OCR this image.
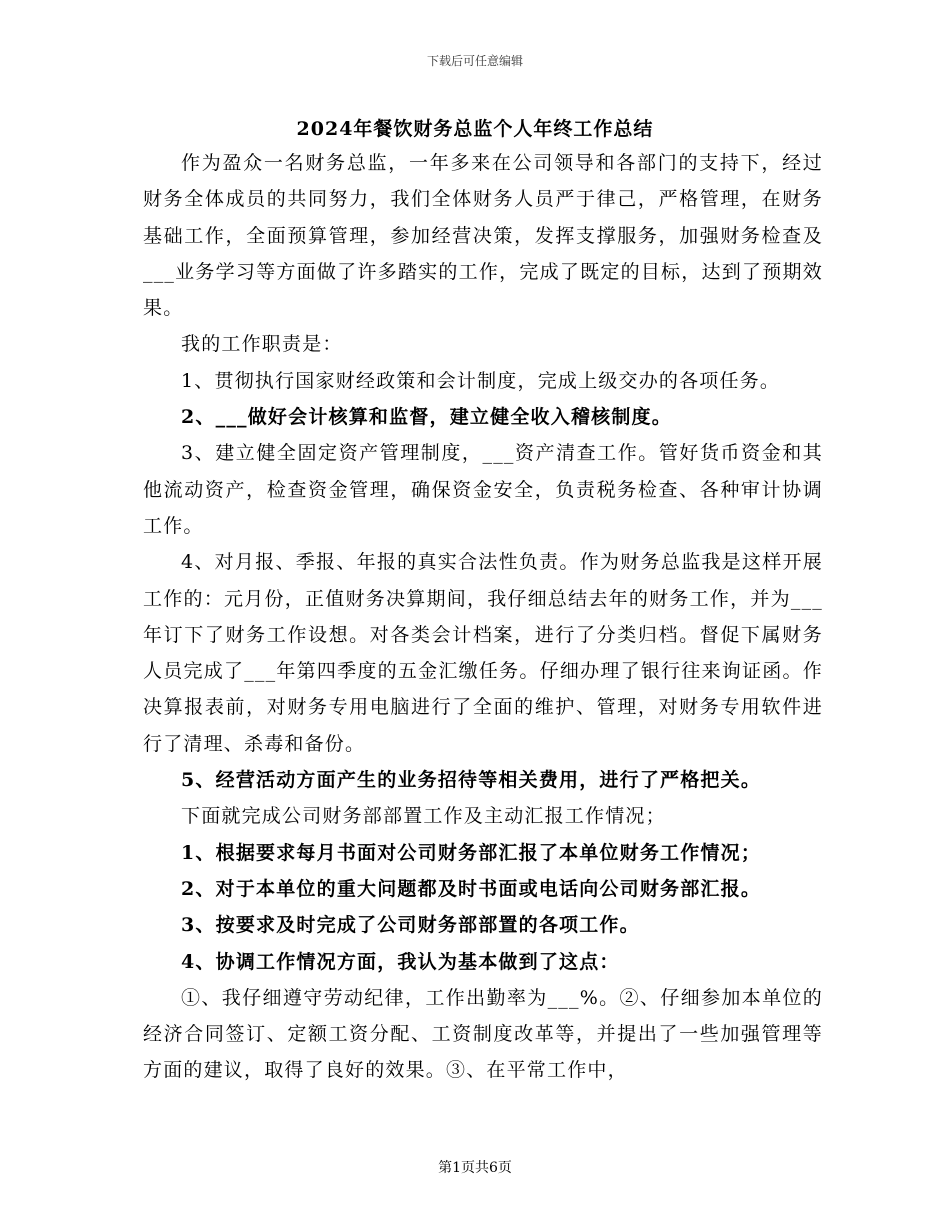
下载后可任意编辑
2024年餐饮财务总监个人年终工作总结

作为盈众一名财务总监，一年多来在公司领导和各部门的支持下，经过财务全体成员的共同努力，我们全体财务人员严于律己，严格管理，在财务基础工作，全面预算管理，参加经营决策，发挥支撑服务，加强财务检查及___业务学习等方面做了许多踏实的工作，完成了既定的目标，达到了预期效果。

我的工作职责是：

1、贯彻执行国家财经政策和会计制度，完成上级交办的各项任务。

2、___做好会计核算和监督，建立健全收入稽核制度。

3、建立健全固定资产管理制度，___资产清查工作。管好货币资金和其他流动资产，检查资金管理，确保资金安全，负责税务检查、各种审计协调工作。

4、对月报、季报、年报的真实合法性负责。作为财务总监我是这样开展工作的：元月份，正值财务决算期间，我仔细总结去年的财务工作，并为___年订下了财务工作设想。对各类会计档案，进行了分类归档。督促下属财务人员完成了___年第四季度的五金汇缴任务。仔细办理了银行往来询证函。作决算报表前，对财务专用电脑进行了全面的维护、管理，对财务专用软件进行了清理、杀毒和备份。

5、经营活动方面产生的业务招待等相关费用，进行了严格把关。

下面就完成公司财务部部置工作及主动汇报工作情况；

1、根据要求每月书面对公司财务部汇报了本单位财务工作情况；

2、对于本单位的重大问题都及时书面或电话向公司财务部汇报。

3、按要求及时完成了公司财务部部置的各项工作。

4、协调工作情况方面，我认为基本做到了这点：

①、我仔细遵守劳动纪律，工作出勤率为___%。②、仔细参加本单位的经济合同签订、定额工资分配、工资制度改革等，并提出了一些加强管理等方面的建议，取得了良好的效果。③、在平常工作中，

第1页共6页
